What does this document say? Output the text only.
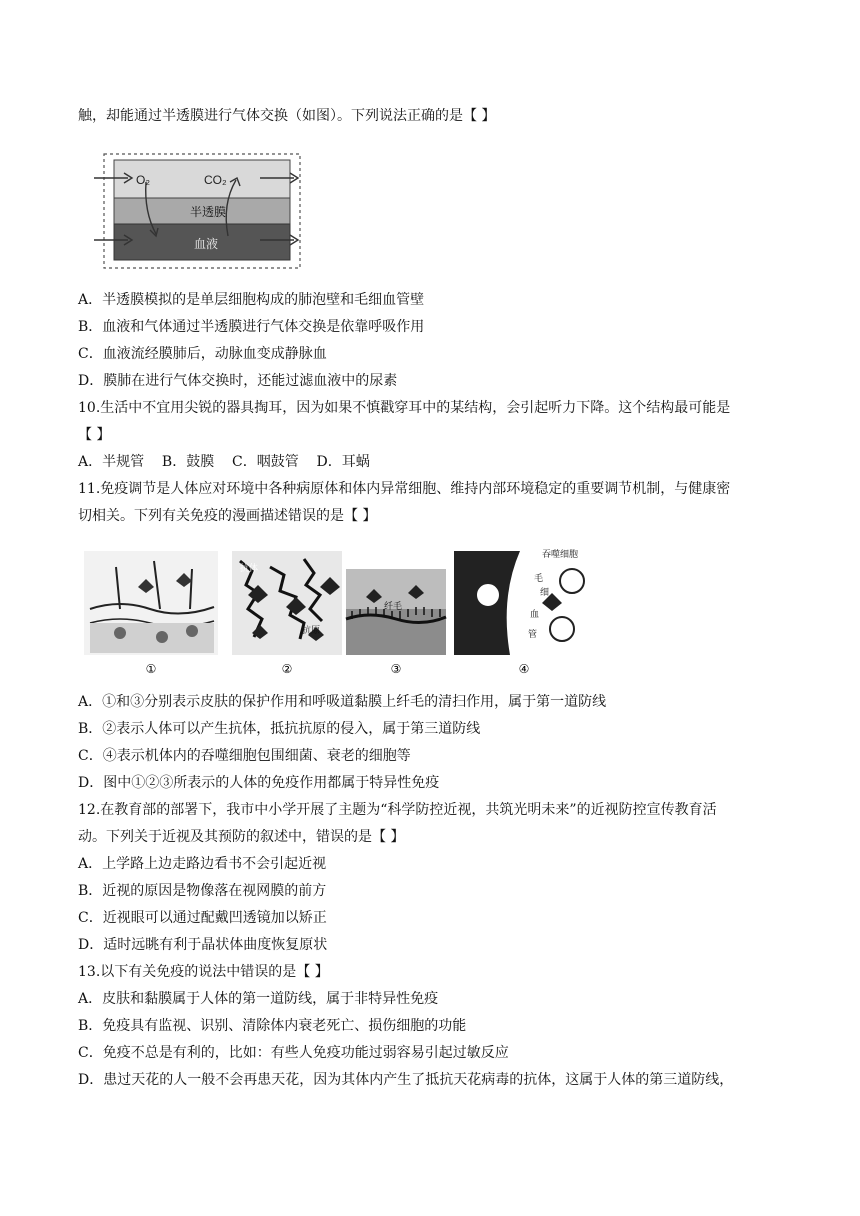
触，却能通过半透膜进行气体交换（如图）。下列说法正确的是【 】
O₂	CO₂
半透膜
血液
A．半透膜模拟的是单层细胞构成的肺泡壁和毛细血管壁
B．血液和气体通过半透膜进行气体交换是依靠呼吸作用
C．血液流经膜肺后，动脉血变成静脉血
D．膜肺在进行气体交换时，还能过滤血液中的尿素
10.生活中不宜用尖锐的器具掏耳，因为如果不慎戳穿耳中的某结构，会引起听力下降。这个结构最可能是
【 】
A．半规管    B．鼓膜    C．咽鼓管    D．耳蜗
11.免疫调节是人体应对环境中各种病原体和体内异常细胞、维持内部环境稳定的重要调节机制，与健康密
切相关。下列有关免疫的漫画描述错误的是【 】
①
抗体
抗原
②
纤毛
③
吞噬细胞
毛
细
血
管
④
A．①和③分别表示皮肤的保护作用和呼吸道黏膜上纤毛的清扫作用，属于第一道防线
B．②表示人体可以产生抗体，抵抗抗原的侵入，属于第三道防线
C．④表示机体内的吞噬细胞包围细菌、衰老的细胞等
D．图中①②③所表示的人体的免疫作用都属于特异性免疫
12.在教育部的部署下，我市中小学开展了主题为“科学防控近视，共筑光明未来”的近视防控宣传教育活
动。下列关于近视及其预防的叙述中，错误的是【 】
A．上学路上边走路边看书不会引起近视
B．近视的原因是物像落在视网膜的前方
C．近视眼可以通过配戴凹透镜加以矫正
D．适时远眺有利于晶状体曲度恢复原状
13.以下有关免疫的说法中错误的是【 】
A．皮肤和黏膜属于人体的第一道防线，属于非特异性免疫
B．免疫具有监视、识别、清除体内衰老死亡、损伤细胞的功能
C．免疫不总是有利的，比如：有些人免疫功能过弱容易引起过敏反应
D．患过天花的人一般不会再患天花，因为其体内产生了抵抗天花病毒的抗体，这属于人体的第三道防线，
